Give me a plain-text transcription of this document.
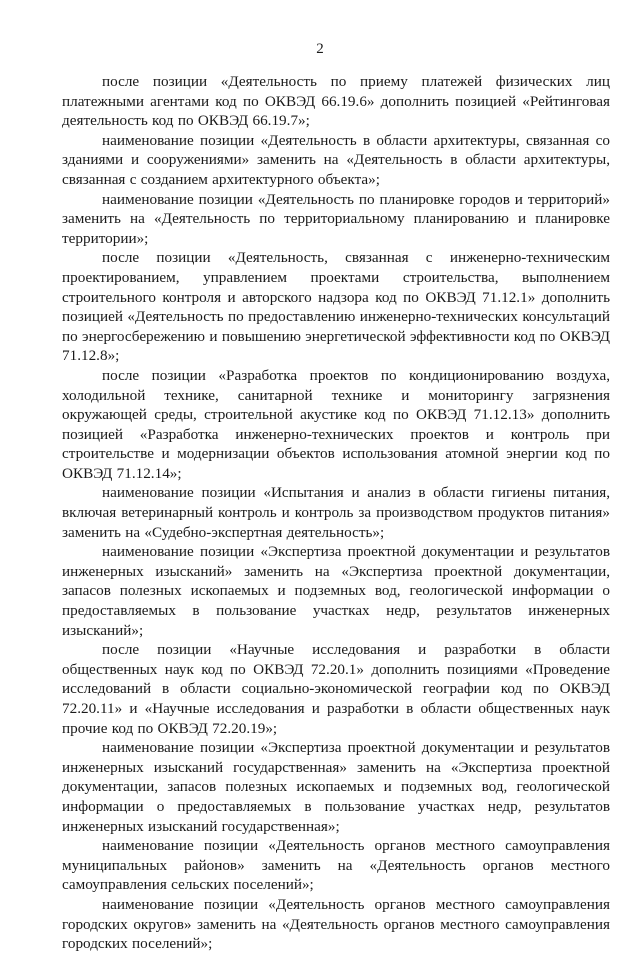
2

после позиции «Деятельность по приему платежей физических лиц платежными агентами код по ОКВЭД 66.19.6» дополнить позицией «Рейтинговая деятельность код по ОКВЭД 66.19.7»;

наименование позиции «Деятельность в области архитектуры, связанная со зданиями и сооружениями» заменить на «Деятельность в области архитектуры, связанная с созданием архитектурного объекта»;

наименование позиции «Деятельность по планировке городов и территорий» заменить на «Деятельность по территориальному планированию и планировке территории»;

после позиции «Деятельность, связанная с инженерно-техническим проектированием, управлением проектами строительства, выполнением строительного контроля и авторского надзора код по ОКВЭД 71.12.1» дополнить позицией «Деятельность по предоставлению инженерно-технических консультаций по энергосбережению и повышению энергетической эффективности код по ОКВЭД 71.12.8»;

после позиции «Разработка проектов по кондиционированию воздуха, холодильной технике, санитарной технике и мониторингу загрязнения окружающей среды, строительной акустике код по ОКВЭД 71.12.13» дополнить позицией «Разработка инженерно-технических проектов и контроль при строительстве и модернизации объектов использования атомной энергии код по ОКВЭД 71.12.14»;

наименование позиции «Испытания и анализ в области гигиены питания, включая ветеринарный контроль и контроль за производством продуктов питания» заменить на «Судебно-экспертная деятельность»;

наименование позиции «Экспертиза проектной документации и результатов инженерных изысканий» заменить на «Экспертиза проектной документации, запасов полезных ископаемых и подземных вод, геологической информации о предоставляемых в пользование участках недр, результатов инженерных изысканий»;

после позиции «Научные исследования и разработки в области общественных наук код по ОКВЭД 72.20.1» дополнить позициями «Проведение исследований в области социально-экономической географии код по ОКВЭД 72.20.11» и «Научные исследования и разработки в области общественных наук прочие код по ОКВЭД 72.20.19»;

наименование позиции «Экспертиза проектной документации и результатов инженерных изысканий государственная» заменить на «Экспертиза проектной документации, запасов полезных ископаемых и подземных вод, геологической информации о предоставляемых в пользование участках недр, результатов инженерных изысканий государственная»;

наименование позиции «Деятельность органов местного самоуправления муниципальных районов» заменить на «Деятельность органов местного самоуправления сельских поселений»;

наименование позиции «Деятельность органов местного самоуправления городских округов» заменить на «Деятельность органов местного самоуправления городских поселений»;
